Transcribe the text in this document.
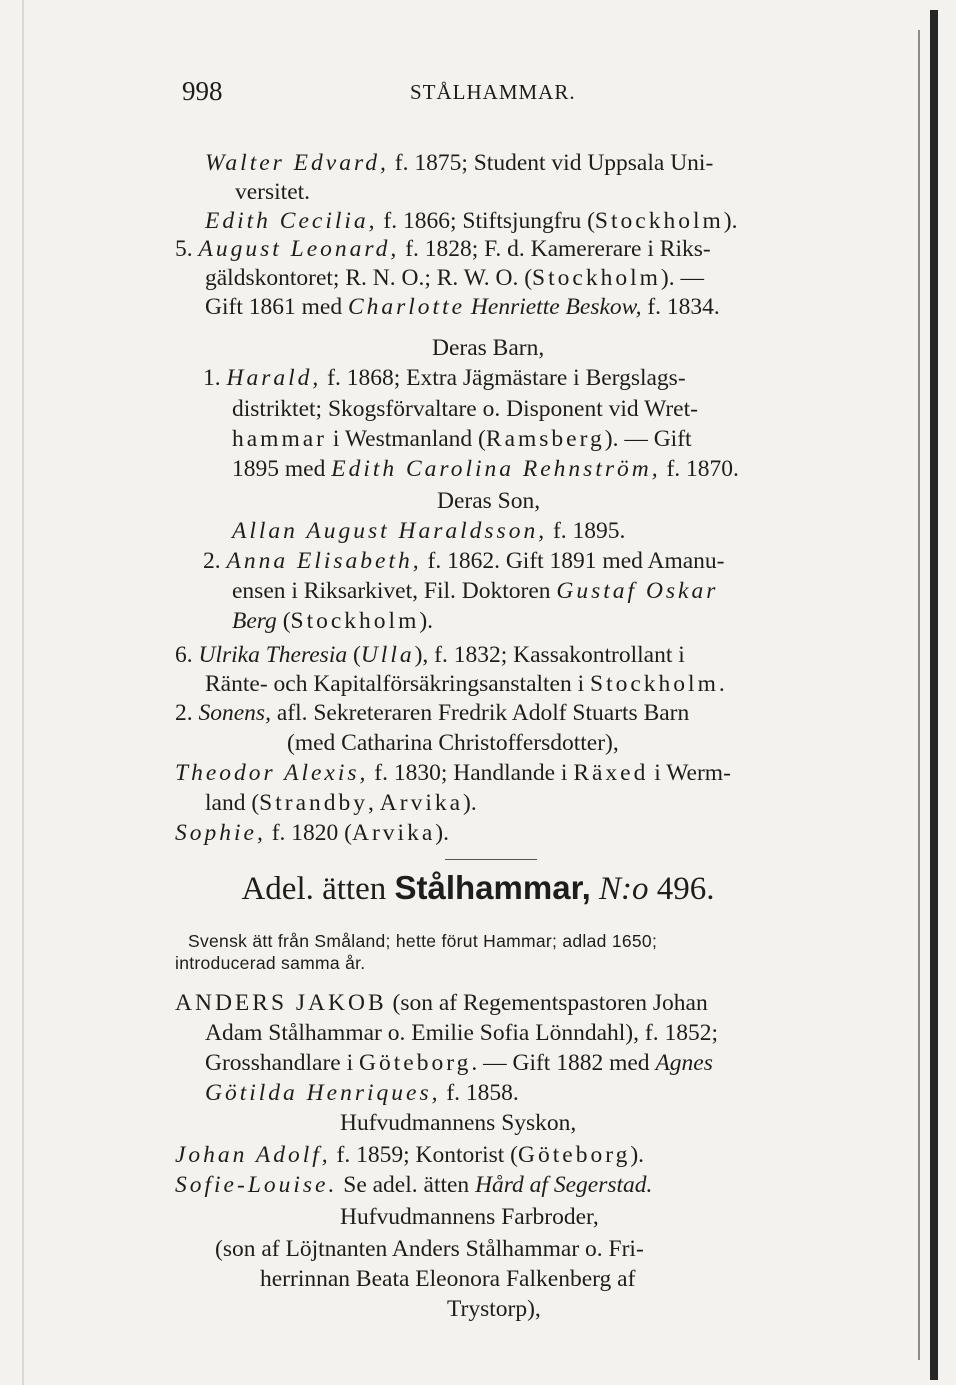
998	STÅLHAMMAR.
Walter Edvard, f. 1875; Student vid Uppsala Uni-
versitet.
Edith Cecilia, f. 1866; Stiftsjungfru (Stockholm).
5. August Leonard, f. 1828; F. d. Kamererare i Riks-
gäldskontoret; R. N. O.; R. W. O. (Stockholm). —
Gift 1861 med Charlotte Henriette Beskow, f. 1834.
Deras Barn,
1. Harald, f. 1868; Extra Jägmästare i Bergslags-
distriktet; Skogsförvaltare o. Disponent vid Wret-
hammar i Westmanland (Ramsberg). — Gift
1895 med Edith Carolina Rehnström, f. 1870.
Deras Son,
Allan August Haraldsson, f. 1895.
2. Anna Elisabeth, f. 1862. Gift 1891 med Amanu-
ensen i Riksarkivet, Fil. Doktoren Gustaf Oskar
Berg (Stockholm).
6. Ulrika Theresia (Ulla), f. 1832; Kassakontrollant i
Ränte- och Kapitalförsäkringsanstalten i Stockholm.
2. Sonens, afl. Sekreteraren Fredrik Adolf Stuarts Barn
(med Catharina Christoffersdotter),
Theodor Alexis, f. 1830; Handlande i Räxed i Werm-
land (Strandby, Arvika).
Sophie, f. 1820 (Arvika).
Adel. ätten Stålhammar, N:o 496.
Svensk ätt från Småland; hette förut Hammar; adlad 1650;
introducerad samma år.
ANDERS JAKOB (son af Regementspastoren Johan
Adam Stålhammar o. Emilie Sofia Lönndahl), f. 1852;
Grosshandlare i Göteborg. — Gift 1882 med Agnes
Götilda Henriques, f. 1858.
Hufvudmannens Syskon,
Johan Adolf, f. 1859; Kontorist (Göteborg).
Sofie-Louise. Se adel. ätten Hård af Segerstad.
Hufvudmannens Farbroder,
(son af Löjtnanten Anders Stålhammar o. Fri-
herrinnan Beata Eleonora Falkenberg af
Trystorp),
